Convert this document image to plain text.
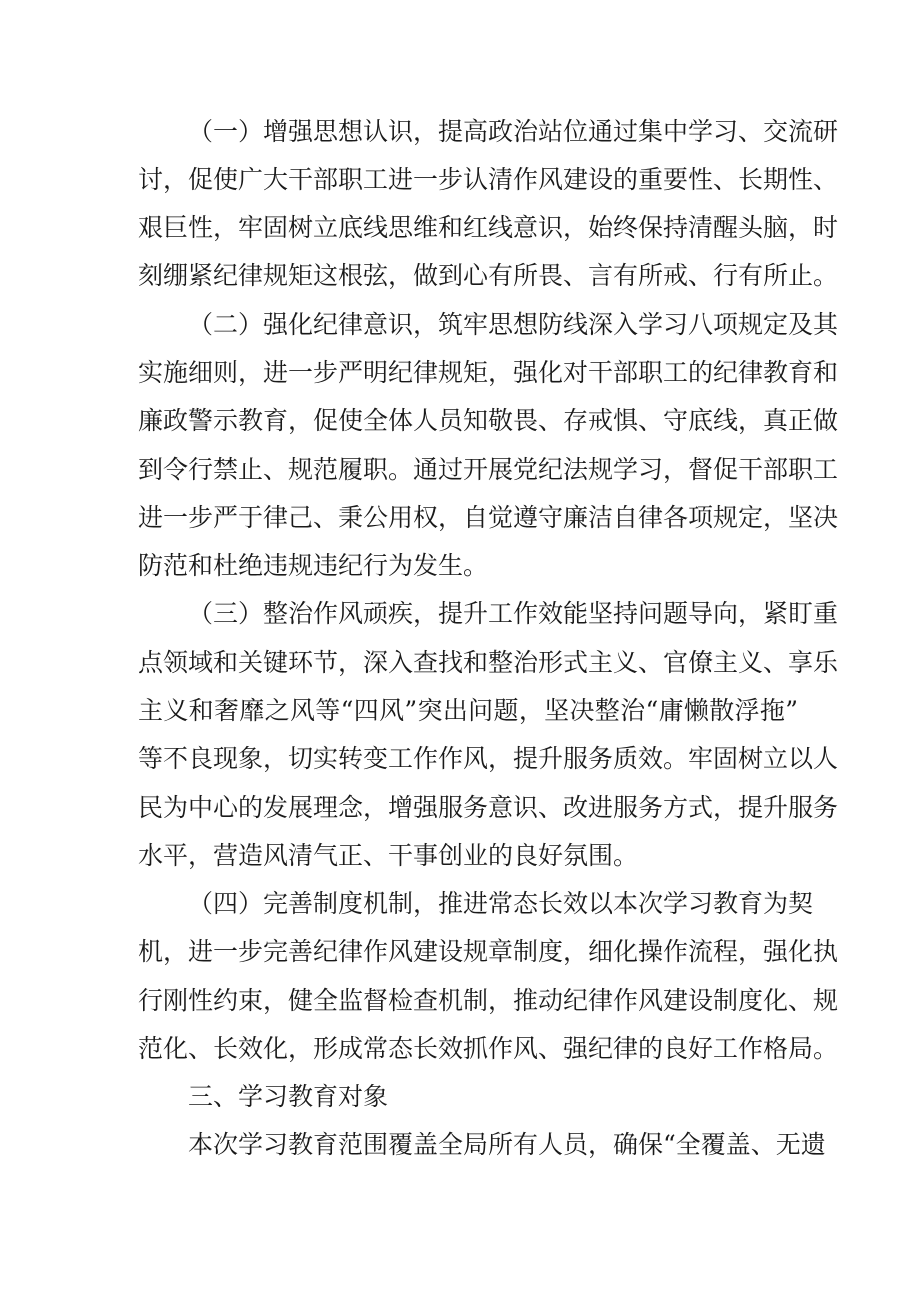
（一）增强思想认识，提高政治站位通过集中学习、交流研
讨，促使广大干部职工进一步认清作风建设的重要性、长期性、
艰巨性，牢固树立底线思维和红线意识，始终保持清醒头脑，时
刻绷紧纪律规矩这根弦，做到心有所畏、言有所戒、行有所止。
（二）强化纪律意识，筑牢思想防线深入学习八项规定及其
实施细则，进一步严明纪律规矩，强化对干部职工的纪律教育和
廉政警示教育，促使全体人员知敬畏、存戒惧、守底线，真正做
到令行禁止、规范履职。通过开展党纪法规学习，督促干部职工
进一步严于律己、秉公用权，自觉遵守廉洁自律各项规定，坚决
防范和杜绝违规违纪行为发生。
（三）整治作风顽疾，提升工作效能坚持问题导向，紧盯重
点领域和关键环节，深入查找和整治形式主义、官僚主义、享乐
主义和奢靡之风等“四风”突出问题，坚决整治“庸懒散浮拖”
等不良现象，切实转变工作作风，提升服务质效。牢固树立以人
民为中心的发展理念，增强服务意识、改进服务方式，提升服务
水平，营造风清气正、干事创业的良好氛围。
（四）完善制度机制，推进常态长效以本次学习教育为契
机，进一步完善纪律作风建设规章制度，细化操作流程，强化执
行刚性约束，健全监督检查机制，推动纪律作风建设制度化、规
范化、长效化，形成常态长效抓作风、强纪律的良好工作格局。
三、学习教育对象
本次学习教育范围覆盖全局所有人员，确保“全覆盖、无遗
